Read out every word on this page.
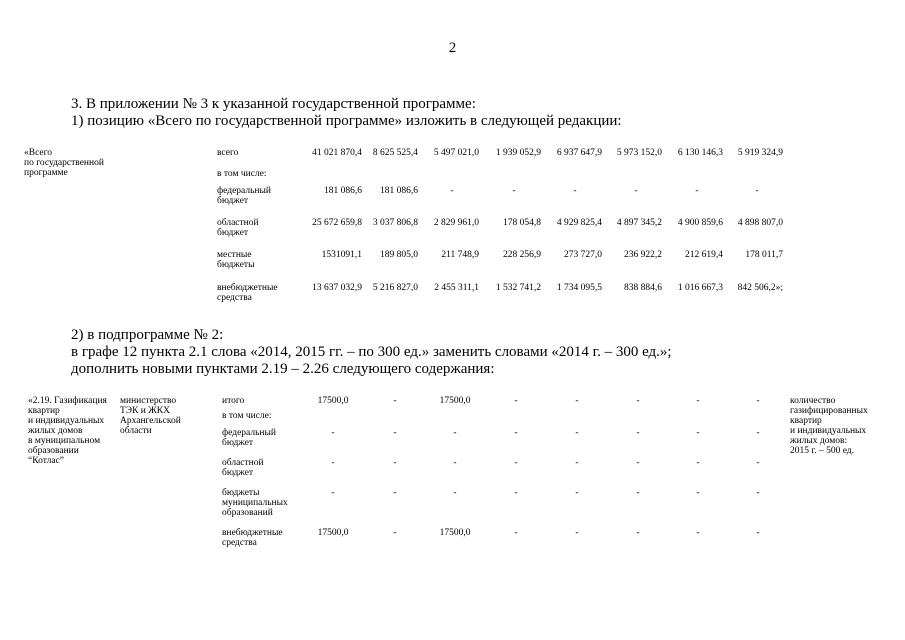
2
3. В приложении № 3 к указанной государственной программе:
1) позицию «Всего по государственной программе» изложить в следующей редакции:
«Всего
по государственной
программе
всего	41 021 870,4	8 625 525,4	5 497 021,0	1 939 052,9	6 937 647,9	5 973 152,0	6 130 146,3	5 919 324,9
в том числе:
федеральный
бюджет
181 086,6	181 086,6	-	-	-	-	-	-
областной
бюджет
25 672 659,8	3 037 806,8	2 829 961,0	178 054,8	4 929 825,4	4 897 345,2	4 900 859,6	4 898 807,0
местные
бюджеты
1531091,1	189 805,0	211 748,9	228 256,9	273 727,0	236 922,2	212 619,4	178 011,7
внебюджетные
средства
13 637 032,9	5 216 827,0	2 455 311,1	1 532 741,2	1 734 095,5	838 884,6	1 016 667,3	842 506,2»;
2) в подпрограмме № 2:
в графе 12 пункта 2.1 слова «2014, 2015 гг. – по 300 ед.» заменить словами «2014 г. – 300 ед.»;
дополнить новыми пунктами 2.19 – 2.26 следующего содержания:
«2.19. Газификация
квартир
и индивидуальных
жилых домов
в муниципальном
образовании
“Котлас”
министерство
ТЭК и ЖКХ
Архангельской
области
количество
газифицированных
квартир
и индивидуальных
жилых домов:
2015 г. – 500 ед.
итого	17500,0	-	17500,0	-	-	-	-	-
в том числе:
федеральный
бюджет
-	-	-	-	-	-	-	-
областной
бюджет
-	-	-	-	-	-	-	-
бюджеты
муниципальных
образований
-	-	-	-	-	-	-	-
внебюджетные
средства
17500,0	-	17500,0	-	-	-	-	-
